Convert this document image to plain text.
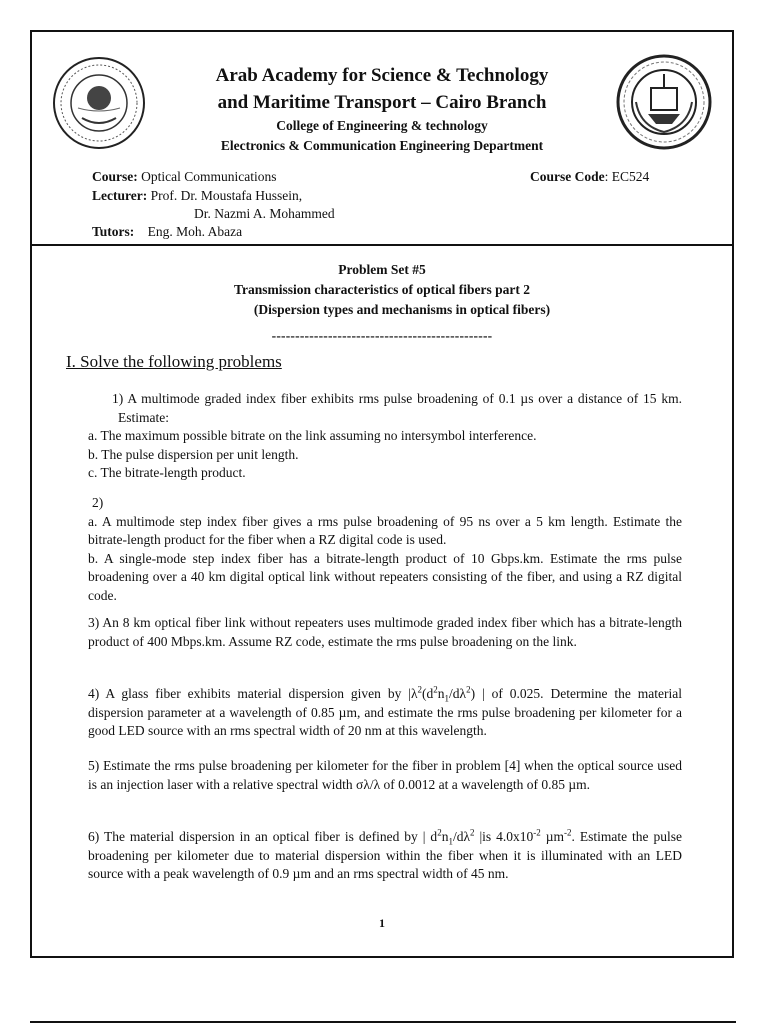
Arab Academy for Science & Technology
and Maritime Transport – Cairo Branch
College of Engineering & technology
Electronics & Communication Engineering Department
Course: Optical Communications	Course Code: EC524
Lecturer: Prof. Dr. Moustafa Hussein,
Dr. Nazmi A. Mohammed
Tutors: Eng. Moh. Abaza
Problem Set #5
Transmission characteristics of optical fibers part 2
(Dispersion types and mechanisms in optical fibers)
-----------------------------------------------
I. Solve the following problems

1) A multimode graded index fiber exhibits rms pulse broadening of 0.1 µs over a distance of 15 km. Estimate:

a. The maximum possible bitrate on the link assuming no intersymbol interference.

b. The pulse dispersion per unit length.

c. The bitrate-length product.

2)

a. A multimode step index fiber gives a rms pulse broadening of 95 ns over a 5 km length. Estimate the bitrate-length product for the fiber when a RZ digital code is used.

b. A single-mode step index fiber has a bitrate-length product of 10 Gbps.km. Estimate the rms pulse broadening over a 40 km digital optical link without repeaters consisting of the fiber, and using a RZ digital code.

3) An 8 km optical fiber link without repeaters uses multimode graded index fiber which has a bitrate-length product of 400 Mbps.km. Assume RZ code, estimate the rms pulse broadening on the link.

4) A glass fiber exhibits material dispersion given by $|\lambda^2(d^2n_1/d\lambda^2)$ | of 0.025. Determine the material dispersion parameter at a wavelength of 0.85 µm, and estimate the rms pulse broadening per kilometer for a good LED source with an rms spectral width of 20 nm at this wavelength.

5) Estimate the rms pulse broadening per kilometer for the fiber in problem [4] when the optical source used is an injection laser with a relative spectral width σλ/λ of 0.0012 at a wavelength of 0.85 µm.

6) The material dispersion in an optical fiber is defined by | $d^2n_1/d\lambda^2$ |is $4.0x10^{-2}$ µm$^{-2}$. Estimate the pulse broadening per kilometer due to material dispersion within the fiber when it is illuminated with an LED source with a peak wavelength of 0.9 µm and an rms spectral width of 45 nm.

1
